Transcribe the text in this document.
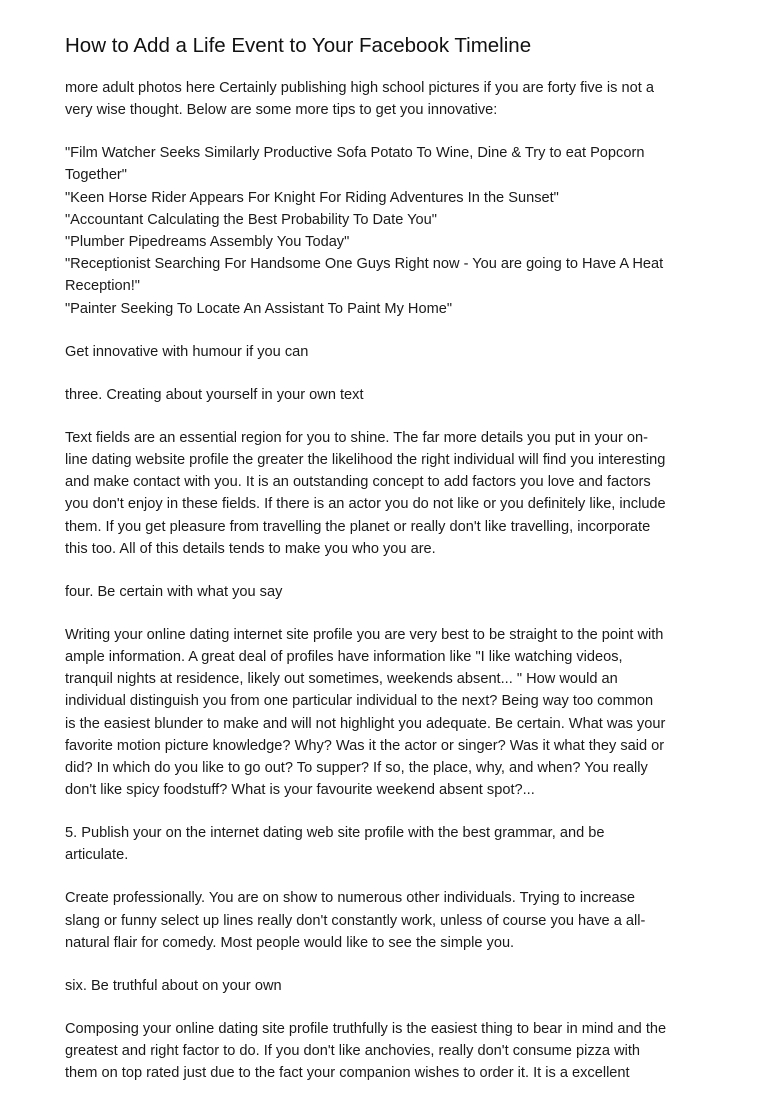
How to Add a Life Event to Your Facebook Timeline

more adult photos here Certainly publishing high school pictures if you are forty five is not a
very wise thought. Below are some more tips to get you innovative:

"Film Watcher Seeks Similarly Productive Sofa Potato To Wine, Dine & Try to eat Popcorn
Together"
"Keen Horse Rider Appears For Knight For Riding Adventures In the Sunset"
"Accountant Calculating the Best Probability To Date You"
"Plumber Pipedreams Assembly You Today"
"Receptionist Searching For Handsome One Guys Right now - You are going to Have A Heat
Reception!"
"Painter Seeking To Locate An Assistant To Paint My Home"

Get innovative with humour if you can

three. Creating about yourself in your own text

Text fields are an essential region for you to shine. The far more details you put in your on-
line dating website profile the greater the likelihood the right individual will find you interesting
and make contact with you. It is an outstanding concept to add factors you love and factors
you don't enjoy in these fields. If there is an actor you do not like or you definitely like, include
them. If you get pleasure from travelling the planet or really don't like travelling, incorporate
this too. All of this details tends to make you who you are.

four. Be certain with what you say

Writing your online dating internet site profile you are very best to be straight to the point with
ample information. A great deal of profiles have information like "I like watching videos,
tranquil nights at residence, likely out sometimes, weekends absent... " How would an
individual distinguish you from one particular individual to the next? Being way too common
is the easiest blunder to make and will not highlight you adequate. Be certain. What was your
favorite motion picture knowledge? Why? Was it the actor or singer? Was it what they said or
did? In which do you like to go out? To supper? If so, the place, why, and when? You really
don't like spicy foodstuff? What is your favourite weekend absent spot?...

5. Publish your on the internet dating web site profile with the best grammar, and be
articulate.

Create professionally. You are on show to numerous other individuals. Trying to increase
slang or funny select up lines really don't constantly work, unless of course you have a all-
natural flair for comedy. Most people would like to see the simple you.

six. Be truthful about on your own

Composing your online dating site profile truthfully is the easiest thing to bear in mind and the
greatest and right factor to do. If you don't like anchovies, really don't consume pizza with
them on top rated just due to the fact your companion wishes to order it. It is a excellent
